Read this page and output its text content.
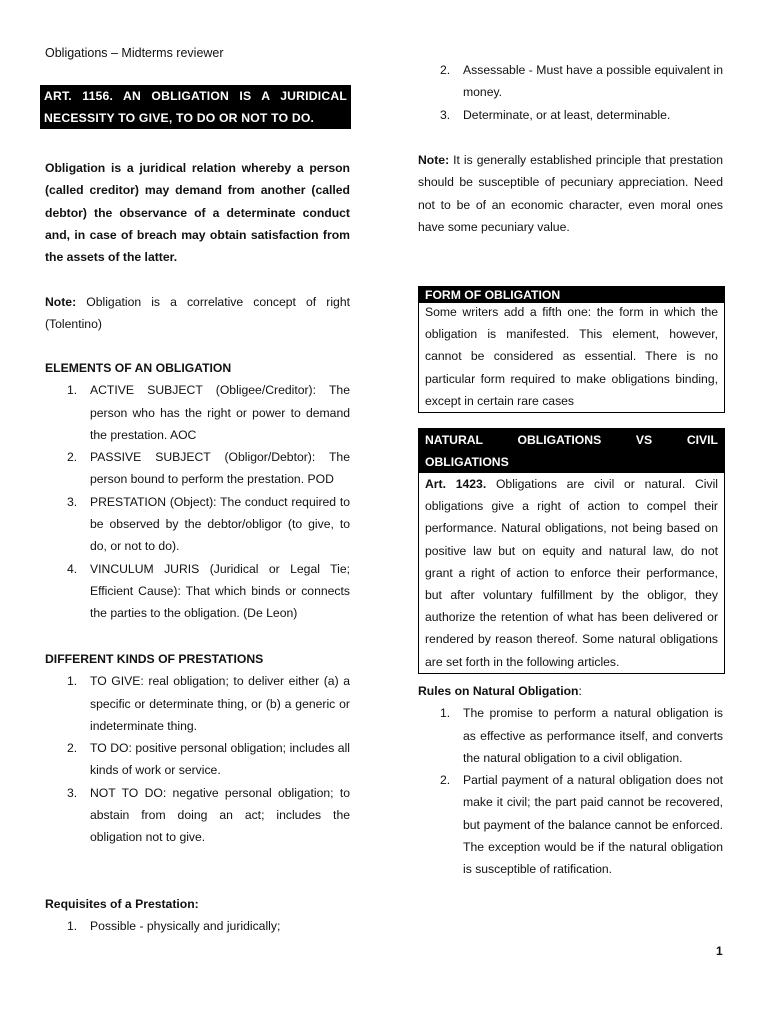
Obligations – Midterms reviewer
ART. 1156. AN OBLIGATION IS A JURIDICAL NECESSITY TO GIVE, TO DO OR NOT TO DO.
Obligation is a juridical relation whereby a person (called creditor) may demand from another (called debtor) the observance of a determinate conduct and, in case of breach may obtain satisfaction from the assets of the latter.
Note: Obligation is a correlative concept of right (Tolentino)
ELEMENTS OF AN OBLIGATION
1. ACTIVE SUBJECT (Obligee/Creditor): The person who has the right or power to demand the prestation. AOC
2. PASSIVE SUBJECT (Obligor/Debtor): The person bound to perform the prestation. POD
3. PRESTATION (Object): The conduct required to be observed by the debtor/obligor (to give, to do, or not to do).
4. VINCULUM JURIS (Juridical or Legal Tie; Efficient Cause): That which binds or connects the parties to the obligation. (De Leon)
DIFFERENT KINDS OF PRESTATIONS
1. TO GIVE: real obligation; to deliver either (a) a specific or determinate thing, or (b) a generic or indeterminate thing.
2. TO DO: positive personal obligation; includes all kinds of work or service.
3. NOT TO DO: negative personal obligation; to abstain from doing an act; includes the obligation not to give.
Requisites of a Prestation:
1. Possible - physically and juridically;
2. Assessable - Must have a possible equivalent in money.
3. Determinate, or at least, determinable.
Note: It is generally established principle that prestation should be susceptible of pecuniary appreciation. Need not to be of an economic character, even moral ones have some pecuniary value.
FORM OF OBLIGATION
Some writers add a fifth one: the form in which the obligation is manifested. This element, however, cannot be considered as essential. There is no particular form required to make obligations binding, except in certain rare cases
NATURAL OBLIGATIONS VS CIVIL OBLIGATIONS
Art. 1423. Obligations are civil or natural. Civil obligations give a right of action to compel their performance. Natural obligations, not being based on positive law but on equity and natural law, do not grant a right of action to enforce their performance, but after voluntary fulfillment by the obligor, they authorize the retention of what has been delivered or rendered by reason thereof. Some natural obligations are set forth in the following articles.
Rules on Natural Obligation:
1. The promise to perform a natural obligation is as effective as performance itself, and converts the natural obligation to a civil obligation.
2. Partial payment of a natural obligation does not make it civil; the part paid cannot be recovered, but payment of the balance cannot be enforced. The exception would be if the natural obligation is susceptible of ratification.
1
